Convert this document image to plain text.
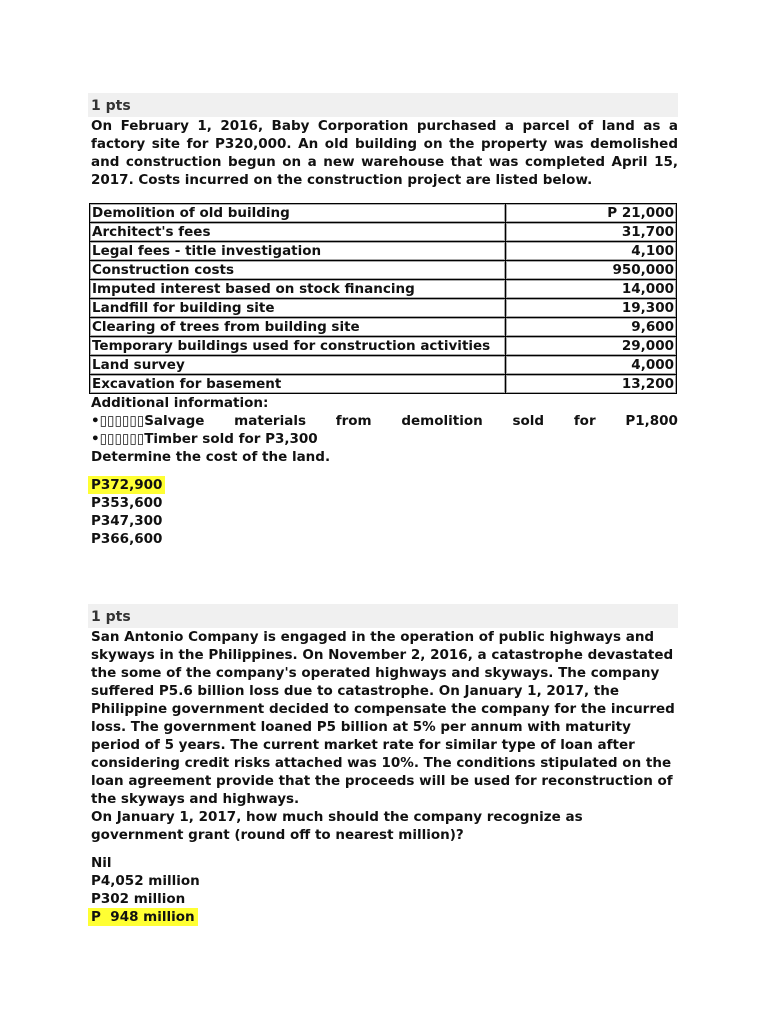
1 pts
On February 1, 2016, Baby Corporation purchased a parcel of land as a factory site for P320,000. An old building on the property was demolished and construction begun on a new warehouse that was completed April 15, 2017. Costs incurred on the construction project are listed below.
Demolition of old building	P 21,000
Architect's fees	31,700
Legal fees - title investigation	4,100
Construction costs	950,000
Imputed interest based on stock financing	14,000
Landfill for building site	19,300
Clearing of trees from building site	9,600
Temporary buildings used for construction activities	29,000
Land survey	4,000
Excavation for basement	13,200
Additional information:
•▯▯▯▯▯▯Salvage materials from demolition sold for P1,800
•▯▯▯▯▯▯Timber sold for P3,300
Determine the cost of the land.
P372,900
P353,600
P347,300
P366,600
1 pts
San Antonio Company is engaged in the operation of public highways and skyways in the Philippines. On November 2, 2016, a catastrophe devastated the some of the company's operated highways and skyways. The company suffered P5.6 billion loss due to catastrophe. On January 1, 2017, the Philippine government decided to compensate the company for the incurred loss. The government loaned P5 billion at 5% per annum with maturity period of 5 years. The current market rate for similar type of loan after considering credit risks attached was 10%. The conditions stipulated on the loan agreement provide that the proceeds will be used for reconstruction of the skyways and highways.
On January 1, 2017, how much should the company recognize as government grant (round off to nearest million)?
Nil
P4,052 million
P302 million
P  948 million
